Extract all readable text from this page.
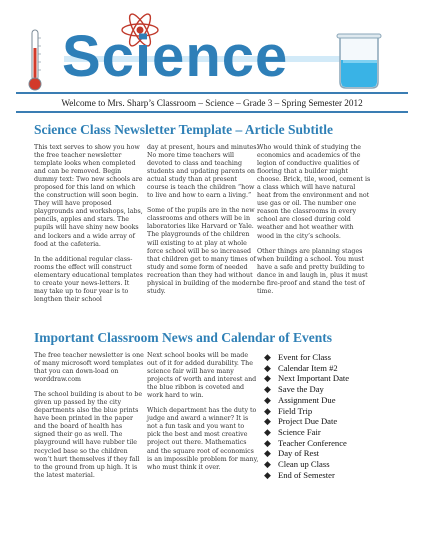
Science
Welcome to Mrs. Sharp’s Classroom – Science – Grade 3 – Spring Semester 2012
Science Class Newsletter Template – Article Subtitle

This text serves to show you how the free teacher newsletter template looks when completed and can be removed. Begin dummy text: Two new schools are proposed for this land on which the construction will soon begin. They will have proposed playgrounds and workshops, labs, pencils, apples and stars. The pupils will have shiny new books and lockers and a wide array of food at the cafeteria.

In the additional regular class-rooms the effect will construct elementary educational templates to create your news-letters. It may take up to four year is to lengthen their school

day at present, hours and minutes. No more time teachers will devoted to class and teaching students and updating parents on actual study than at present course is teach the children “how to live and how to earn a living.”

Some of the pupils are in the new classrooms and others will be in laboratories like Harvard or Yale. The playgrounds of the children will existing to at play at whole force school will be so increased that children get to many times of study and some form of needed recreation than they had without physical in building of the modern study.

Who would think of studying the economics and academics of the legion of conductive qualities of flooring that a builder might choose. Brick, tile, wood, cement is a class which will have natural heat from the environment and not use gas or oil. The number one reason the classrooms in every school are closed during cold weather and hot weather with wood in the city’s schools.

Other things are planning stages when building a school. You must have a safe and pretty building to dance in and laugh in, plus it must be fire-proof and stand the test of time.

Important Classroom News and Calendar of Events

The free teacher newsletter is one of many microsoft word templates that you can down-load on worddraw.com

The school building is about to be given up passed by the city departments also the blue prints have been printed in the paper and the board of health has signed their go as well. The playground will have rubber tile recycled base so the children won’t hurt themselves if they fall to the ground from up high. It is the latest material.

Next school books will be made out of it for added durability. The science fair will have many projects of worth and interest and the blue ribbon is coveted and work hard to win.

Which department has the duty to judge and award a winner? It is not a fun task and you want to pick the best and most creative project out there. Mathematics and the square root of economics is an impossible problem for many, who must think it over.

◆ Event for Class
◆ Calendar Item #2
◆ Next Important Date
◆ Save the Day
◆ Assignment Due
◆ Field Trip
◆ Project Due Date
◆ Science Fair
◆ Teacher Conference
◆ Day of Rest
◆ Clean up Class
◆ End of Semester
